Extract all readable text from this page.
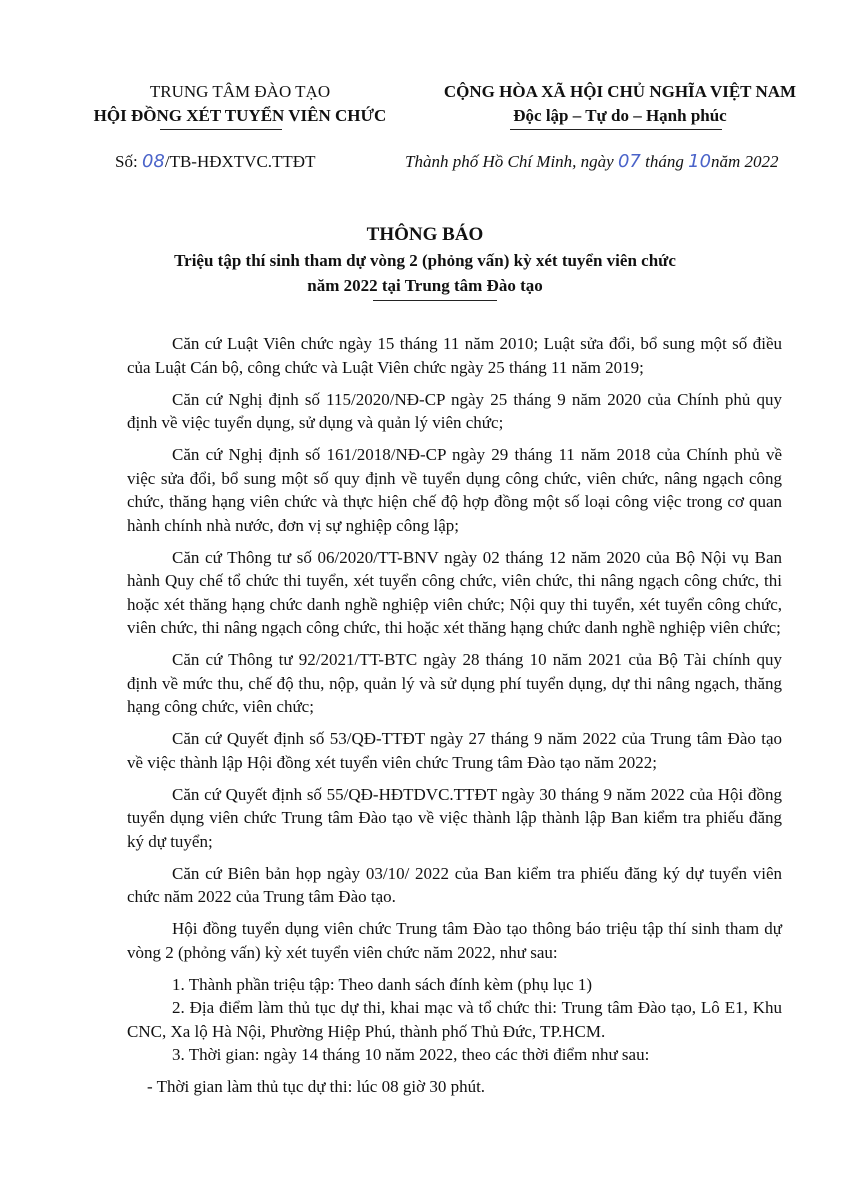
TRUNG TÂM ĐÀO TẠO
HỘI ĐỒNG XÉT TUYỂN VIÊN CHỨC
CỘNG HÒA XÃ HỘI CHỦ NGHĨA VIỆT NAM
Độc lập – Tự do – Hạnh phúc
Số: 08/TB-HĐXTVC.TTĐT	Thành phố Hồ Chí Minh, ngày 07 tháng 10năm 2022
THÔNG BÁO
Triệu tập thí sinh tham dự vòng 2 (phỏng vấn) kỳ xét tuyển viên chức
năm 2022 tại Trung tâm Đào tạo

Căn cứ Luật Viên chức ngày 15 tháng 11 năm 2010; Luật sửa đổi, bổ sung một số điều của Luật Cán bộ, công chức và Luật Viên chức ngày 25 tháng 11 năm 2019;

Căn cứ Nghị định số 115/2020/NĐ-CP ngày 25 tháng 9 năm 2020 của Chính phủ quy định về việc tuyển dụng, sử dụng và quản lý viên chức;

Căn cứ Nghị định số 161/2018/NĐ-CP ngày 29 tháng 11 năm 2018 của Chính phủ về việc sửa đổi, bổ sung một số quy định về tuyển dụng công chức, viên chức, nâng ngạch công chức, thăng hạng viên chức và thực hiện chế độ hợp đồng một số loại công việc trong cơ quan hành chính nhà nước, đơn vị sự nghiệp công lập;

Căn cứ Thông tư số 06/2020/TT-BNV ngày 02 tháng 12 năm 2020 của Bộ Nội vụ Ban hành Quy chế tổ chức thi tuyển, xét tuyển công chức, viên chức, thi nâng ngạch công chức, thi hoặc xét thăng hạng chức danh nghề nghiệp viên chức; Nội quy thi tuyển, xét tuyển công chức, viên chức, thi nâng ngạch công chức, thi hoặc xét thăng hạng chức danh nghề nghiệp viên chức;

Căn cứ Thông tư 92/2021/TT-BTC ngày 28 tháng 10 năm 2021 của Bộ Tài chính quy định về mức thu, chế độ thu, nộp, quản lý và sử dụng phí tuyển dụng, dự thi nâng ngạch, thăng hạng công chức, viên chức;

Căn cứ Quyết định số 53/QĐ-TTĐT ngày 27 tháng 9 năm 2022 của Trung tâm Đào tạo về việc thành lập Hội đồng xét tuyển viên chức Trung tâm Đào tạo năm 2022;

Căn cứ Quyết định số 55/QĐ-HĐTDVC.TTĐT ngày 30 tháng 9 năm 2022 của Hội đồng tuyển dụng viên chức Trung tâm Đào tạo về việc thành lập thành lập Ban kiểm tra phiếu đăng ký dự tuyển;

Căn cứ Biên bản họp ngày 03/10/ 2022 của Ban kiểm tra phiếu đăng ký dự tuyển viên chức năm 2022 của Trung tâm Đào tạo.

Hội đồng tuyển dụng viên chức Trung tâm Đào tạo thông báo triệu tập thí sinh tham dự vòng 2 (phỏng vấn) kỳ xét tuyển viên chức năm 2022, như sau:

1. Thành phần triệu tập: Theo danh sách đính kèm (phụ lục 1)

2. Địa điểm làm thủ tục dự thi, khai mạc và tổ chức thi: Trung tâm Đào tạo, Lô E1, Khu CNC, Xa lộ Hà Nội, Phường Hiệp Phú, thành phố Thủ Đức, TP.HCM.

3. Thời gian: ngày 14 tháng 10 năm 2022, theo các thời điểm như sau:

- Thời gian làm thủ tục dự thi: lúc 08 giờ 30 phút.
